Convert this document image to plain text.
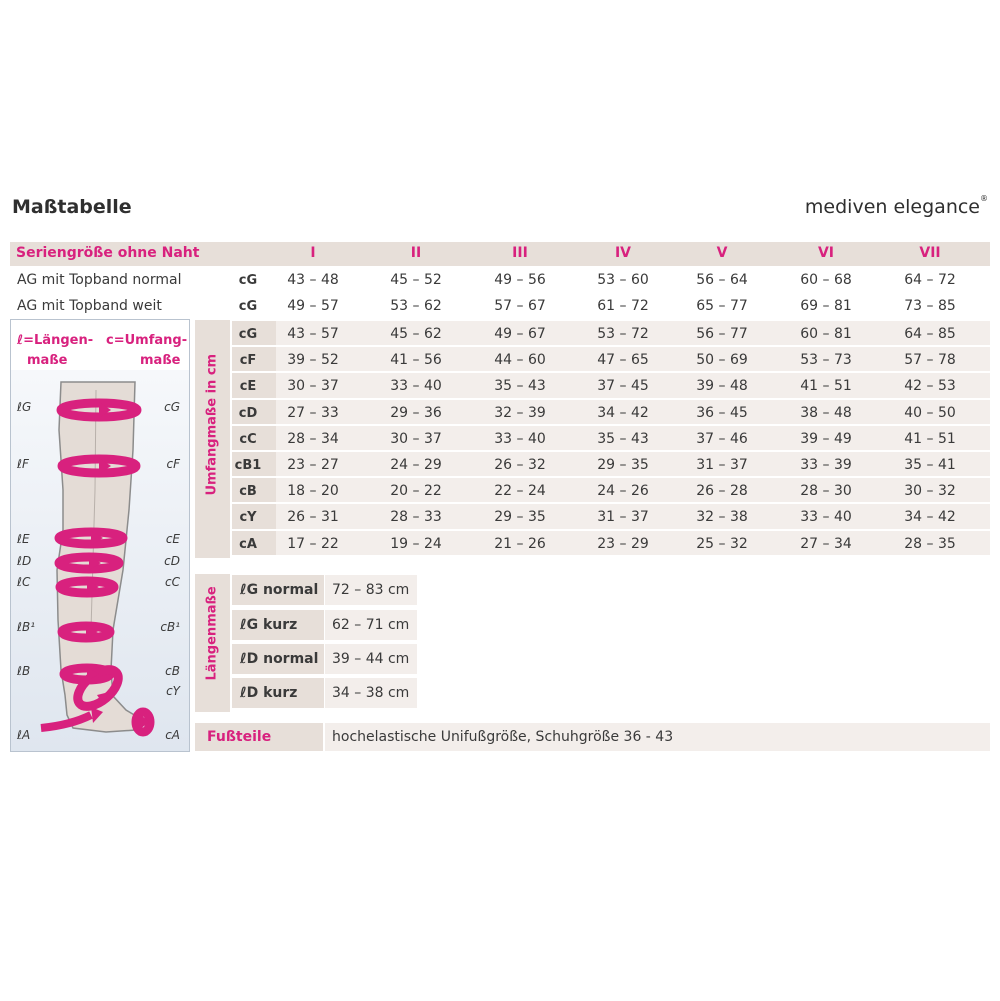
Maßtabelle	mediven elegance®
Seriengröße ohne Naht	I	II	III	IV	V	VI	VII
AG mit Topband normal	cG	43 – 48	45 – 52	49 – 56	53 – 60	56 – 64	60 – 68	64 – 72
AG mit Topband weit	cG	49 – 57	53 – 62	57 – 67	61 – 72	65 – 77	69 – 81	73 – 85
Umfangmaße in cm
cG	43 – 57	45 – 62	49 – 67	53 – 72	56 – 77	60 – 81	64 – 85
cF	39 – 52	41 – 56	44 – 60	47 – 65	50 – 69	53 – 73	57 – 78
cE	30 – 37	33 – 40	35 – 43	37 – 45	39 – 48	41 – 51	42 – 53
cD	27 – 33	29 – 36	32 – 39	34 – 42	36 – 45	38 – 48	40 – 50
cC	28 – 34	30 – 37	33 – 40	35 – 43	37 – 46	39 – 49	41 – 51
cB1	23 – 27	24 – 29	26 – 32	29 – 35	31 – 37	33 – 39	35 – 41
cB	18 – 20	20 – 22	22 – 24	24 – 26	26 – 28	28 – 30	30 – 32
cY	26 – 31	28 – 33	29 – 35	31 – 37	32 – 38	33 – 40	34 – 42
cA	17 – 22	19 – 24	21 – 26	23 – 29	25 – 32	27 – 34	28 – 35
Längenmaße ℓG normal 72 – 83 cm
ℓG kurz 62 – 71 cm
ℓD normal 39 – 44 cm
ℓD kurz 34 – 38 cm
Fußteile	hochelastische Unifußgröße, Schuhgröße 36 - 43
ℓ=Längen-
maße
c=Umfang-
maße
ℓG
ℓF
ℓE
ℓD
ℓC
ℓB¹
ℓB
ℓA
cG
cF
cE
cD
cC
cB¹
cB
cY
cA
